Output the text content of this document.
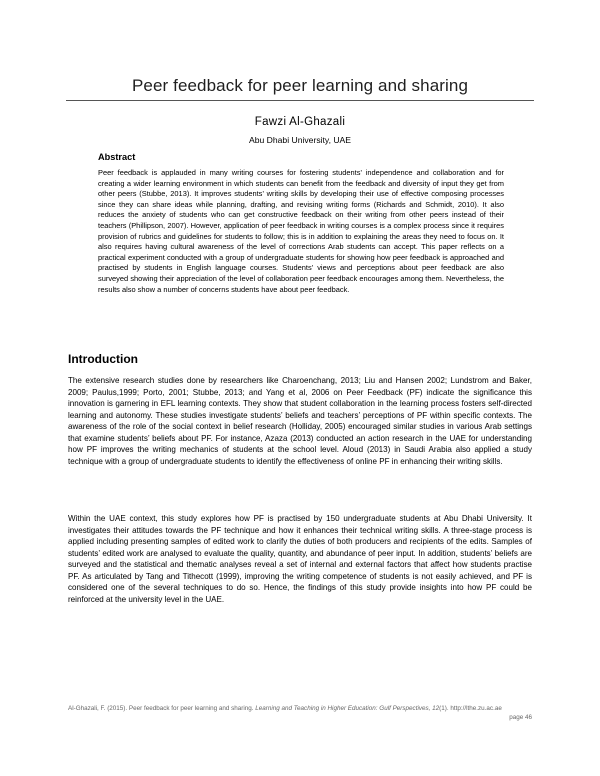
Peer feedback for peer learning and sharing
Fawzi Al-Ghazali
Abu Dhabi University, UAE
Abstract

Peer feedback is applauded in many writing courses for fostering students’ independence and collaboration and for creating a wider learning environment in which students can benefit from the feedback and diversity of input they get from other peers (Stubbe, 2013). It improves students’ writing skills by developing their use of effective composing processes since they can share ideas while planning, drafting, and revising writing forms (Richards and Schmidt, 2010). It also reduces the anxiety of students who can get constructive feedback on their writing from other peers instead of their teachers (Phillipson, 2007). However, application of peer feedback in writing courses is a complex process since it requires provision of rubrics and guidelines for students to follow; this is in addition to explaining the areas they need to focus on. It also requires having cultural awareness of the level of corrections Arab students can accept. This paper reflects on a practical experiment conducted with a group of undergraduate students for showing how peer feedback is approached and practised by students in English language courses. Students’ views and perceptions about peer feedback are also surveyed showing their appreciation of the level of collaboration peer feedback encourages among them. Nevertheless, the results also show a number of concerns students have about peer feedback.

Introduction

The extensive research studies done by researchers like Charoenchang, 2013; Liu and Hansen 2002; Lundstrom and Baker, 2009; Paulus,1999; Porto, 2001; Stubbe, 2013; and Yang et al, 2006 on Peer Feedback (PF) indicate the significance this innovation is garnering in EFL learning contexts. They show that student collaboration in the learning process fosters self-directed learning and autonomy. These studies investigate students’ beliefs and teachers’ perceptions of PF within specific contexts. The awareness of the role of the social context in belief research (Holliday, 2005) encouraged similar studies in various Arab settings that examine students’ beliefs about PF. For instance, Azaza (2013) conducted an action research in the UAE for understanding how PF improves the writing mechanics of students at the school level. Aloud (2013) in Saudi Arabia also applied a study technique with a group of undergraduate students to identify the effectiveness of online PF in enhancing their writing skills.

Within the UAE context, this study explores how PF is practised by 150 undergraduate students at Abu Dhabi University. It investigates their attitudes towards the PF technique and how it enhances their technical writing skills. A three-stage process is applied including presenting samples of edited work to clarify the duties of both producers and recipients of the edits. Samples of students’ edited work are analysed to evaluate the quality, quantity, and abundance of peer input. In addition, students’ beliefs are surveyed and the statistical and thematic analyses reveal a set of internal and external factors that affect how students practise PF. As articulated by Tang and Tithecott (1999), improving the writing competence of students is not easily achieved, and PF is considered one of the several techniques to do so. Hence, the findings of this study provide insights into how PF could be reinforced at the university level in the UAE.

Al-Ghazali, F. (2015). Peer feedback for peer learning and sharing. Learning and Teaching in Higher Education: Gulf Perspectives, 12(1). http://lthe.zu.ac.ae
page 46
